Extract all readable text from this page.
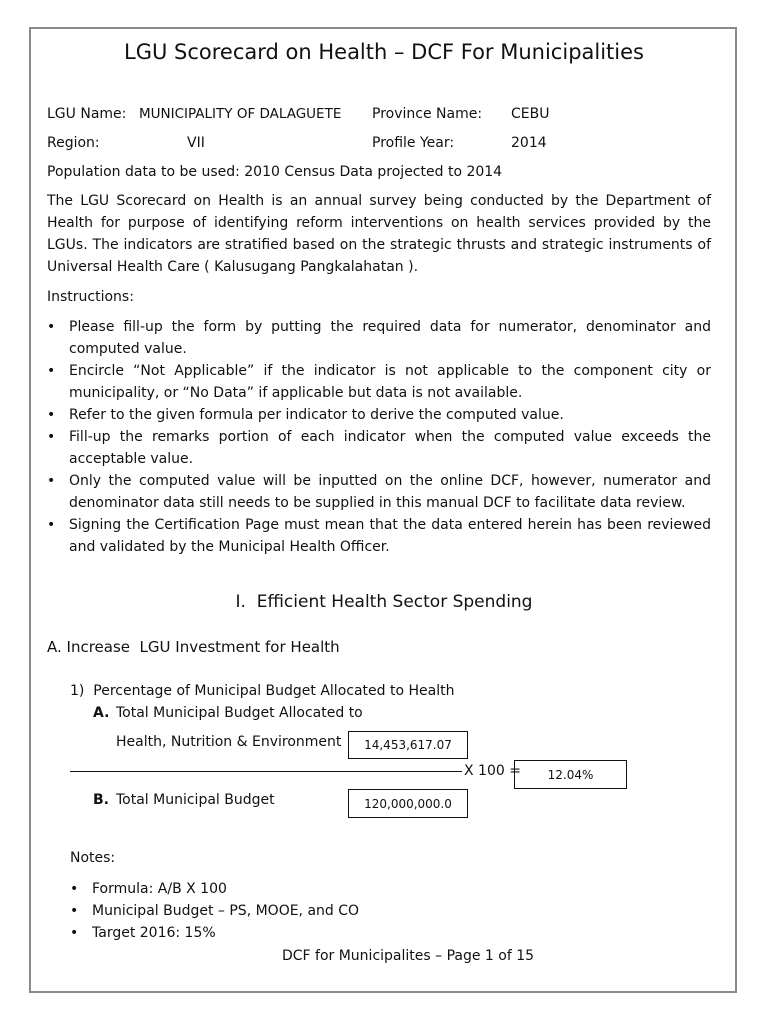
LGU Scorecard on Health – DCF For Municipalities
LGU Name: MUNICIPALITY OF DALAGUETE Province Name: CEBU
Region:	VII	Profile Year:	2014
Population data to be used: 2010 Census Data projected to 2014
The LGU Scorecard on Health is an annual survey being conducted by the Department of Health for purpose of identifying reform interventions on health services provided by the LGUs. The indicators are stratified based on the strategic thrusts and strategic instruments of Universal Health Care ( Kalusugang Pangkalahatan ).
Instructions:
• Please fill-up the form by putting the required data for numerator, denominator and computed value.
• Encircle “Not Applicable” if the indicator is not applicable to the component city or municipality, or “No Data” if applicable but data is not available.
• Refer to the given formula per indicator to derive the computed value.
• Fill-up the remarks portion of each indicator when the computed value exceeds the acceptable value.
• Only the computed value will be inputted on the online DCF, however, numerator and denominator data still needs to be supplied in this manual DCF to facilitate data review.
• Signing the Certification Page must mean that the data entered herein has been reviewed and validated by the Municipal Health Officer.
I. Efficient Health Sector Spending
A. Increase  LGU Investment for Health
1) Percentage of Municipal Budget Allocated to Health
A. Total Municipal Budget Allocated to
Health, Nutrition & Environment	14,453,617.07
X 100 =	12.04%
B. Total Municipal Budget	120,000,000.0
Notes:
• Formula: A/B X 100
• Municipal Budget – PS, MOOE, and CO
• Target 2016: 15%
DCF for Municipalites – Page 1 of 15
